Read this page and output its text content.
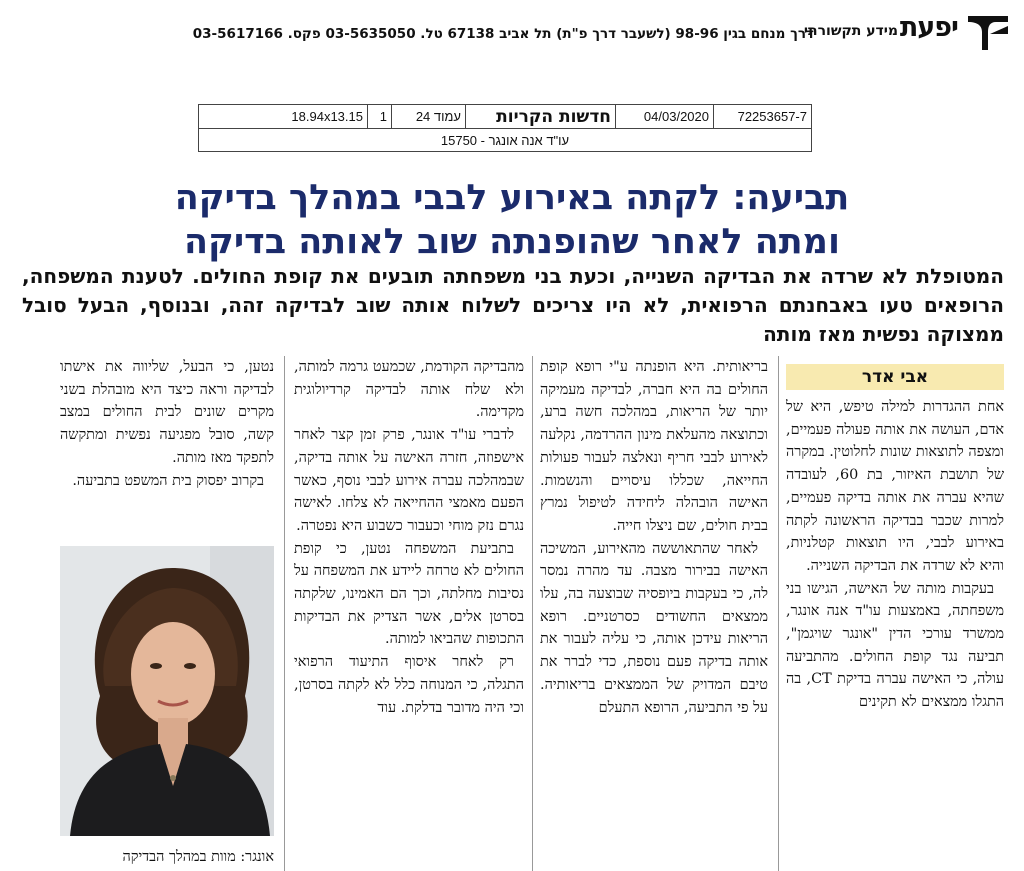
יפעת
מידע תקשורתי
דרך מנחם בגין 98-96 (לשעבר דרך פ"ת) תל אביב 67138 טל. 03-5635050 פקס. 03-5617166
72253657-7
04/03/2020
חדשות הקריות
עמוד 24
1
18.94x13.15
עו"ד אנה אונגר - 15750
תביעה: לקתה באירוע לבבי במהלך בדיקה
ומתה לאחר שהופנתה שוב לאותה בדיקה
המטופלת לא שרדה את הבדיקה השנייה, וכעת בני משפחתה תובעים את קופת החולים. לטענת המשפחה, הרופאים טעו באבחנתם הרפואית, לא היו צריכים לשלוח אותה שוב לבדיקה זהה, ובנוסף, הבעל סובל ממצוקה נפשית מאז מותה
אבי אדר

אחת ההגדרות למילה טיפש, היא של אדם, העושה את אותה פעולה פעמיים, ומצפה לתוצאות שונות לחלוטין. במקרה של תושבת האיזור, בת 60, לעובדה שהיא עברה את אותה בדיקה פעמיים, למרות שכבר בבדיקה הראשונה לקתה באירוע לבבי, היו תוצאות קטלניות, והיא לא שרדה את הבדיקה השנייה.

בעקבות מותה של האישה, הגישו בני משפחתה, באמצעות עו"ד אנה אונגר, ממשרד עורכי הדין "אונגר שויגמן", תביעה נגד קופת החולים. מהתביעה עולה, כי האישה עברה בדיקת CT, בה התגלו ממצאים לא תקינים

בריאותית. היא הופנתה ע"י רופא קופת החולים בה היא חברה, לבדיקה מעמיקה יותר של הריאות, במהלכה חשה ברע, וכתוצאה מהעלאת מינון ההרדמה, נקלעה לאירוע לבבי חריף ונאלצה לעבור פעולות החייאה, שכללו עיסויים והנשמות. האישה הובהלה ליחידה לטיפול נמרץ בבית חולים, שם ניצלו חייה.

לאחר שהתאוששה מהאירוע, המשיכה האישה בבירור מצבה. עד מהרה נמסר לה, כי בעקבות ביופסיה שבוצעה בה, עלו ממצאים החשודים כסרטניים. רופא הריאות עידכן אותה, כי עליה לעבור את אותה בדיקה פעם נוספת, כדי לברר את טיבם המדויק של הממצאים בריאותיה. על פי התביעה, הרופא התעלם

מהבדיקה הקודמת, שכמעט גרמה למותה, ולא שלח אותה לבדיקה קרדיולוגית מקדימה.

לדברי עו"ד אונגר, פרק זמן קצר לאחר אישפוזה, חזרה האישה על אותה בדיקה, שבמהלכה עברה אירוע לבבי נוסף, כאשר הפעם מאמצי ההחייאה לא צלחו. לאישה נגרם נזק מוחי וכעבור כשבוע היא נפטרה.

בתביעת המשפחה נטען, כי קופת החולים לא טרחה ליידע את המשפחה על נסיבות מחלתה, וכך הם האמינו, שלקתה בסרטן אלים, אשר הצדיק את הבדיקות התכופות שהביאו למותה.

רק לאחר איסוף התיעוד הרפואי התגלה, כי המנוחה כלל לא לקתה בסרטן, וכי היה מדובר בדלקת. עוד

נטען, כי הבעל, שליווה את אישתו לבדיקה וראה כיצד היא מובהלת בשני מקרים שונים לבית החולים במצב קשה, סובל מפגיעה נפשית ומתקשה לתפקד מאז מותה.

בקרוב יפסוק בית המשפט בתביעה.

אונגר: מוות במהלך הבדיקה
